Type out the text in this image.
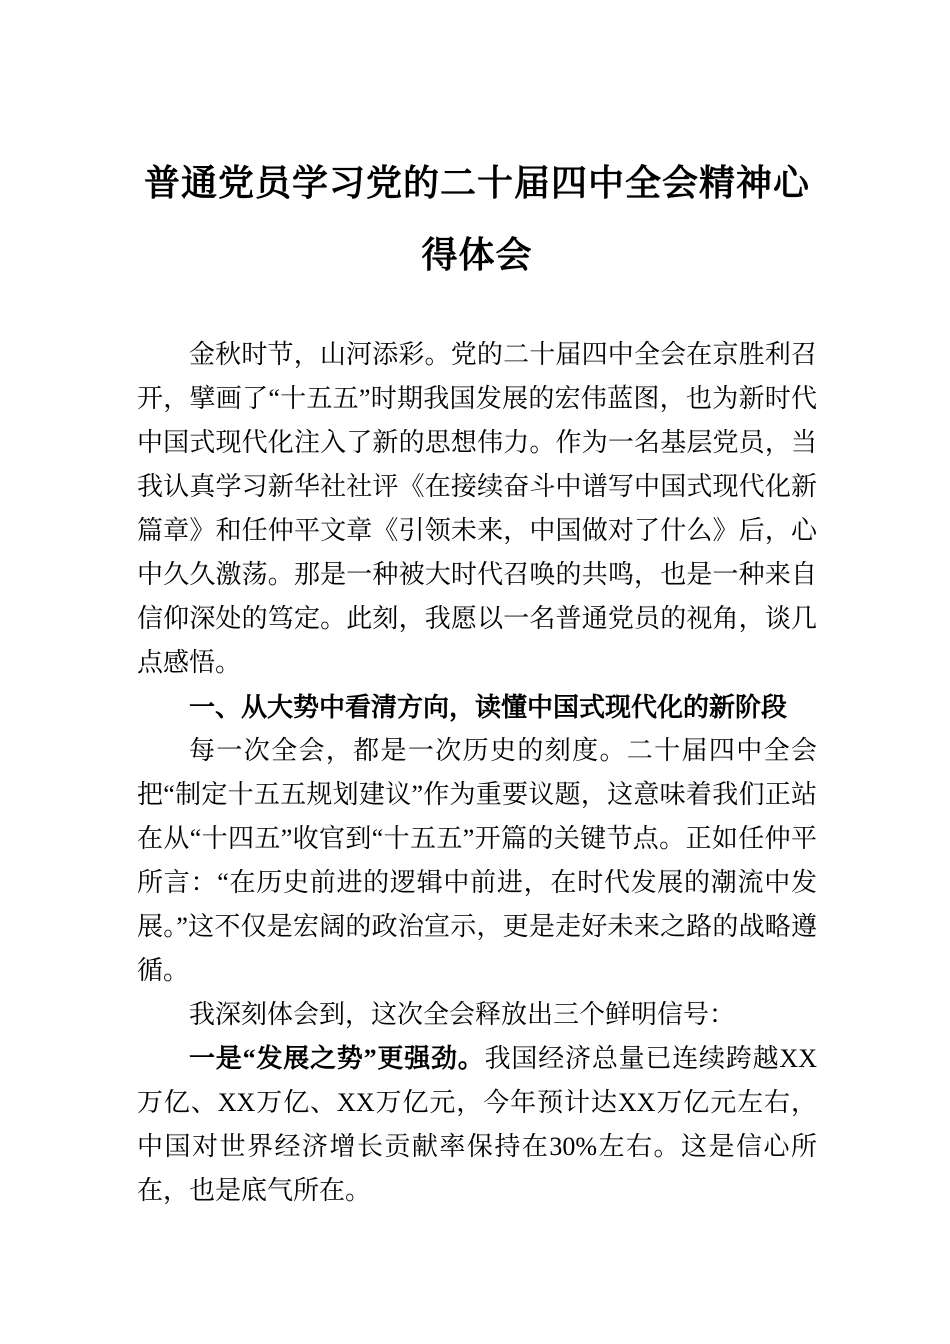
普通党员学习党的二十届四中全会精神心得体会

金秋时节，山河添彩。党的二十届四中全会在京胜利召开，擘画了“十五五”时期我国发展的宏伟蓝图，也为新时代中国式现代化注入了新的思想伟力。作为一名基层党员，当我认真学习新华社社评《在接续奋斗中谱写中国式现代化新篇章》和任仲平文章《引领未来，中国做对了什么》后，心中久久激荡。那是一种被大时代召唤的共鸣，也是一种来自信仰深处的笃定。此刻，我愿以一名普通党员的视角，谈几点感悟。

一、从大势中看清方向，读懂中国式现代化的新阶段

每一次全会，都是一次历史的刻度。二十届四中全会把“制定十五五规划建议”作为重要议题，这意味着我们正站在从“十四五”收官到“十五五”开篇的关键节点。正如任仲平所言：“在历史前进的逻辑中前进，在时代发展的潮流中发展。”这不仅是宏阔的政治宣示，更是走好未来之路的战略遵循。

我深刻体会到，这次全会释放出三个鲜明信号：

一是“发展之势”更强劲。我国经济总量已连续跨越XX万亿、XX万亿、XX万亿元，今年预计达XX万亿元左右，中国对世界经济增长贡献率保持在30%左右。这是信心所在，也是底气所在。
